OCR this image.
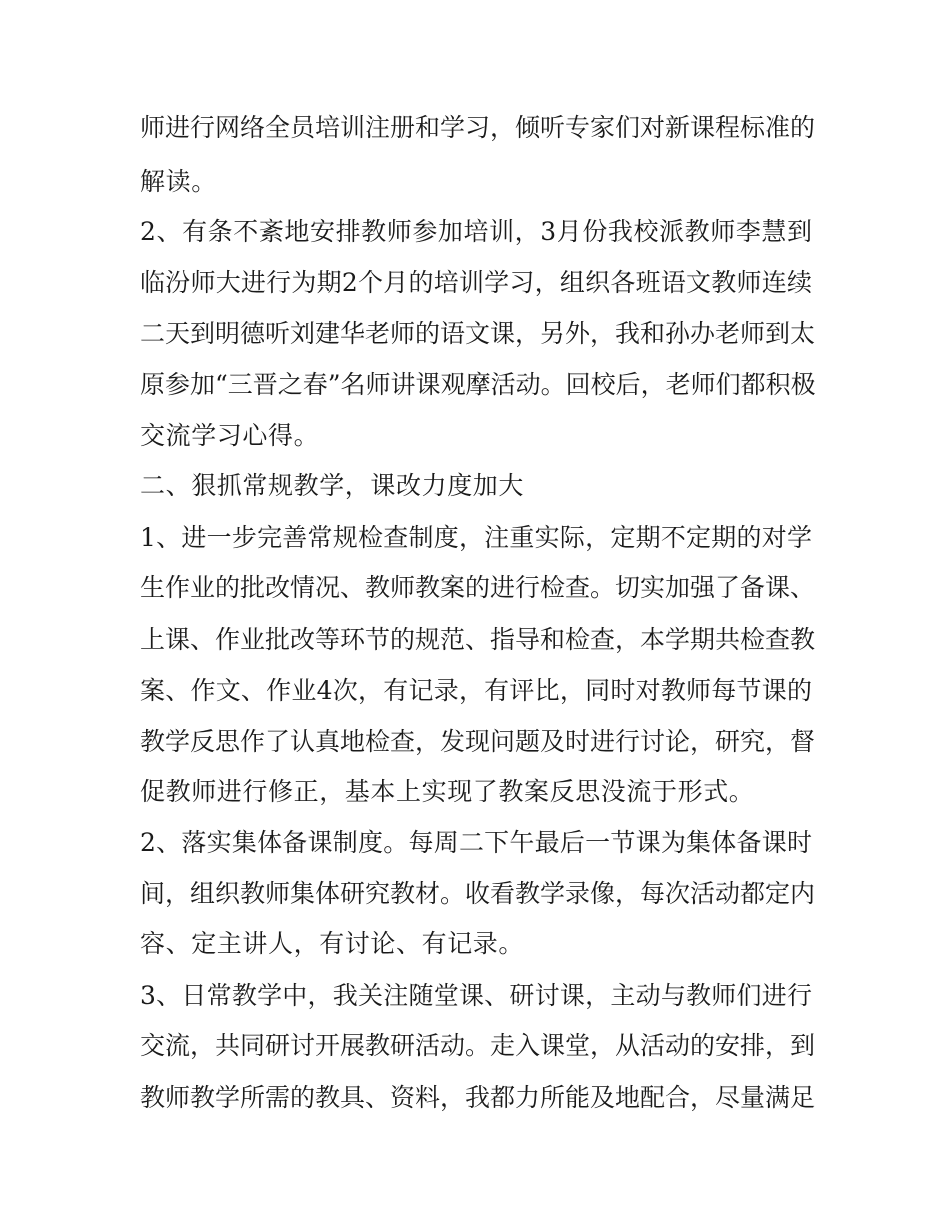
师进行网络全员培训注册和学习，倾听专家们对新课程标准的
解读。
2、有条不紊地安排教师参加培训，3月份我校派教师李慧到
临汾师大进行为期2个月的培训学习，组织各班语文教师连续
二天到明德听刘建华老师的语文课，另外，我和孙办老师到太
原参加“三晋之春”名师讲课观摩活动。回校后，老师们都积极
交流学习心得。
二、狠抓常规教学，课改力度加大
1、进一步完善常规检查制度，注重实际，定期不定期的对学
生作业的批改情况、教师教案的进行检查。切实加强了备课、
上课、作业批改等环节的规范、指导和检查，本学期共检查教
案、作文、作业4次，有记录，有评比，同时对教师每节课的
教学反思作了认真地检查，发现问题及时进行讨论，研究，督
促教师进行修正，基本上实现了教案反思没流于形式。
2、落实集体备课制度。每周二下午最后一节课为集体备课时
间，组织教师集体研究教材。收看教学录像，每次活动都定内
容、定主讲人，有讨论、有记录。
3、日常教学中，我关注随堂课、研讨课，主动与教师们进行
交流，共同研讨开展教研活动。走入课堂，从活动的安排，到
教师教学所需的教具、资料，我都力所能及地配合，尽量满足
